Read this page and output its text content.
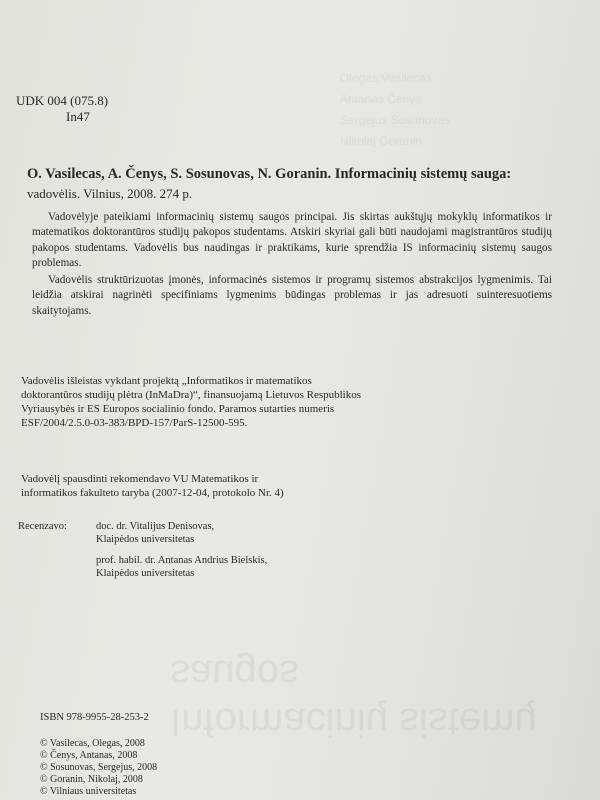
Olegas Vasilecas
Antanas Čenys
Sergejus Sosunovas
Nikolaj Goranin
Informacinių sistemų saugos
UDK 004 (075.8)
In47
O. Vasilecas, A. Čenys, S. Sosunovas, N. Goranin. Informacinių sistemų sauga:
vadovėlis. Vilnius, 2008. 274 p.

Vadovėlyje pateikiami informacinių sistemų saugos principai. Jis skirtas aukštųjų mokyklų informatikos ir matematikos doktorantūros studijų pakopos studentams. Atskiri skyriai gali būti naudojami magistrantūros studijų pakopos studentams. Vadovėlis bus naudingas ir praktikams, kurie sprendžia IS informacinių sistemų saugos problemas.

Vadovėlis struktūrizuotas įmonės, informacinės sistemos ir programų sistemos abstrakcijos lygmenimis. Tai leidžia atskirai nagrinėti specifiniams lygmenims būdingas problemas ir jas adresuoti suinteresuotiems skaitytojams.

Vadovėlis išleistas vykdant projektą „Informatikos ir matematikos
doktorantūros studijų plėtra (InMaDra)“, finansuojamą Lietuvos Respublikos
Vyriausybės ir ES Europos socialinio fondo. Paramos sutarties numeris
ESF/2004/2.5.0-03-383/BPD-157/ParS-12500-595.
Vadovėlį spausdinti rekomendavo VU Matematikos ir
informatikos fakulteto taryba (2007-12-04, protokolo Nr. 4)
Recenzavo:	doc. dr. Vitalijus Denisovas,
Klaipėdos universitetas
prof. habil. dr. Antanas Andrius Bielskis,
Klaipėdos universitetas
ISBN 978-9955-28-253-2
© Vasilecas, Olegas, 2008
© Čenys, Antanas, 2008
© Sosunovas, Sergejus, 2008
© Goranin, Nikolaj, 2008
© Vilniaus universitetas
